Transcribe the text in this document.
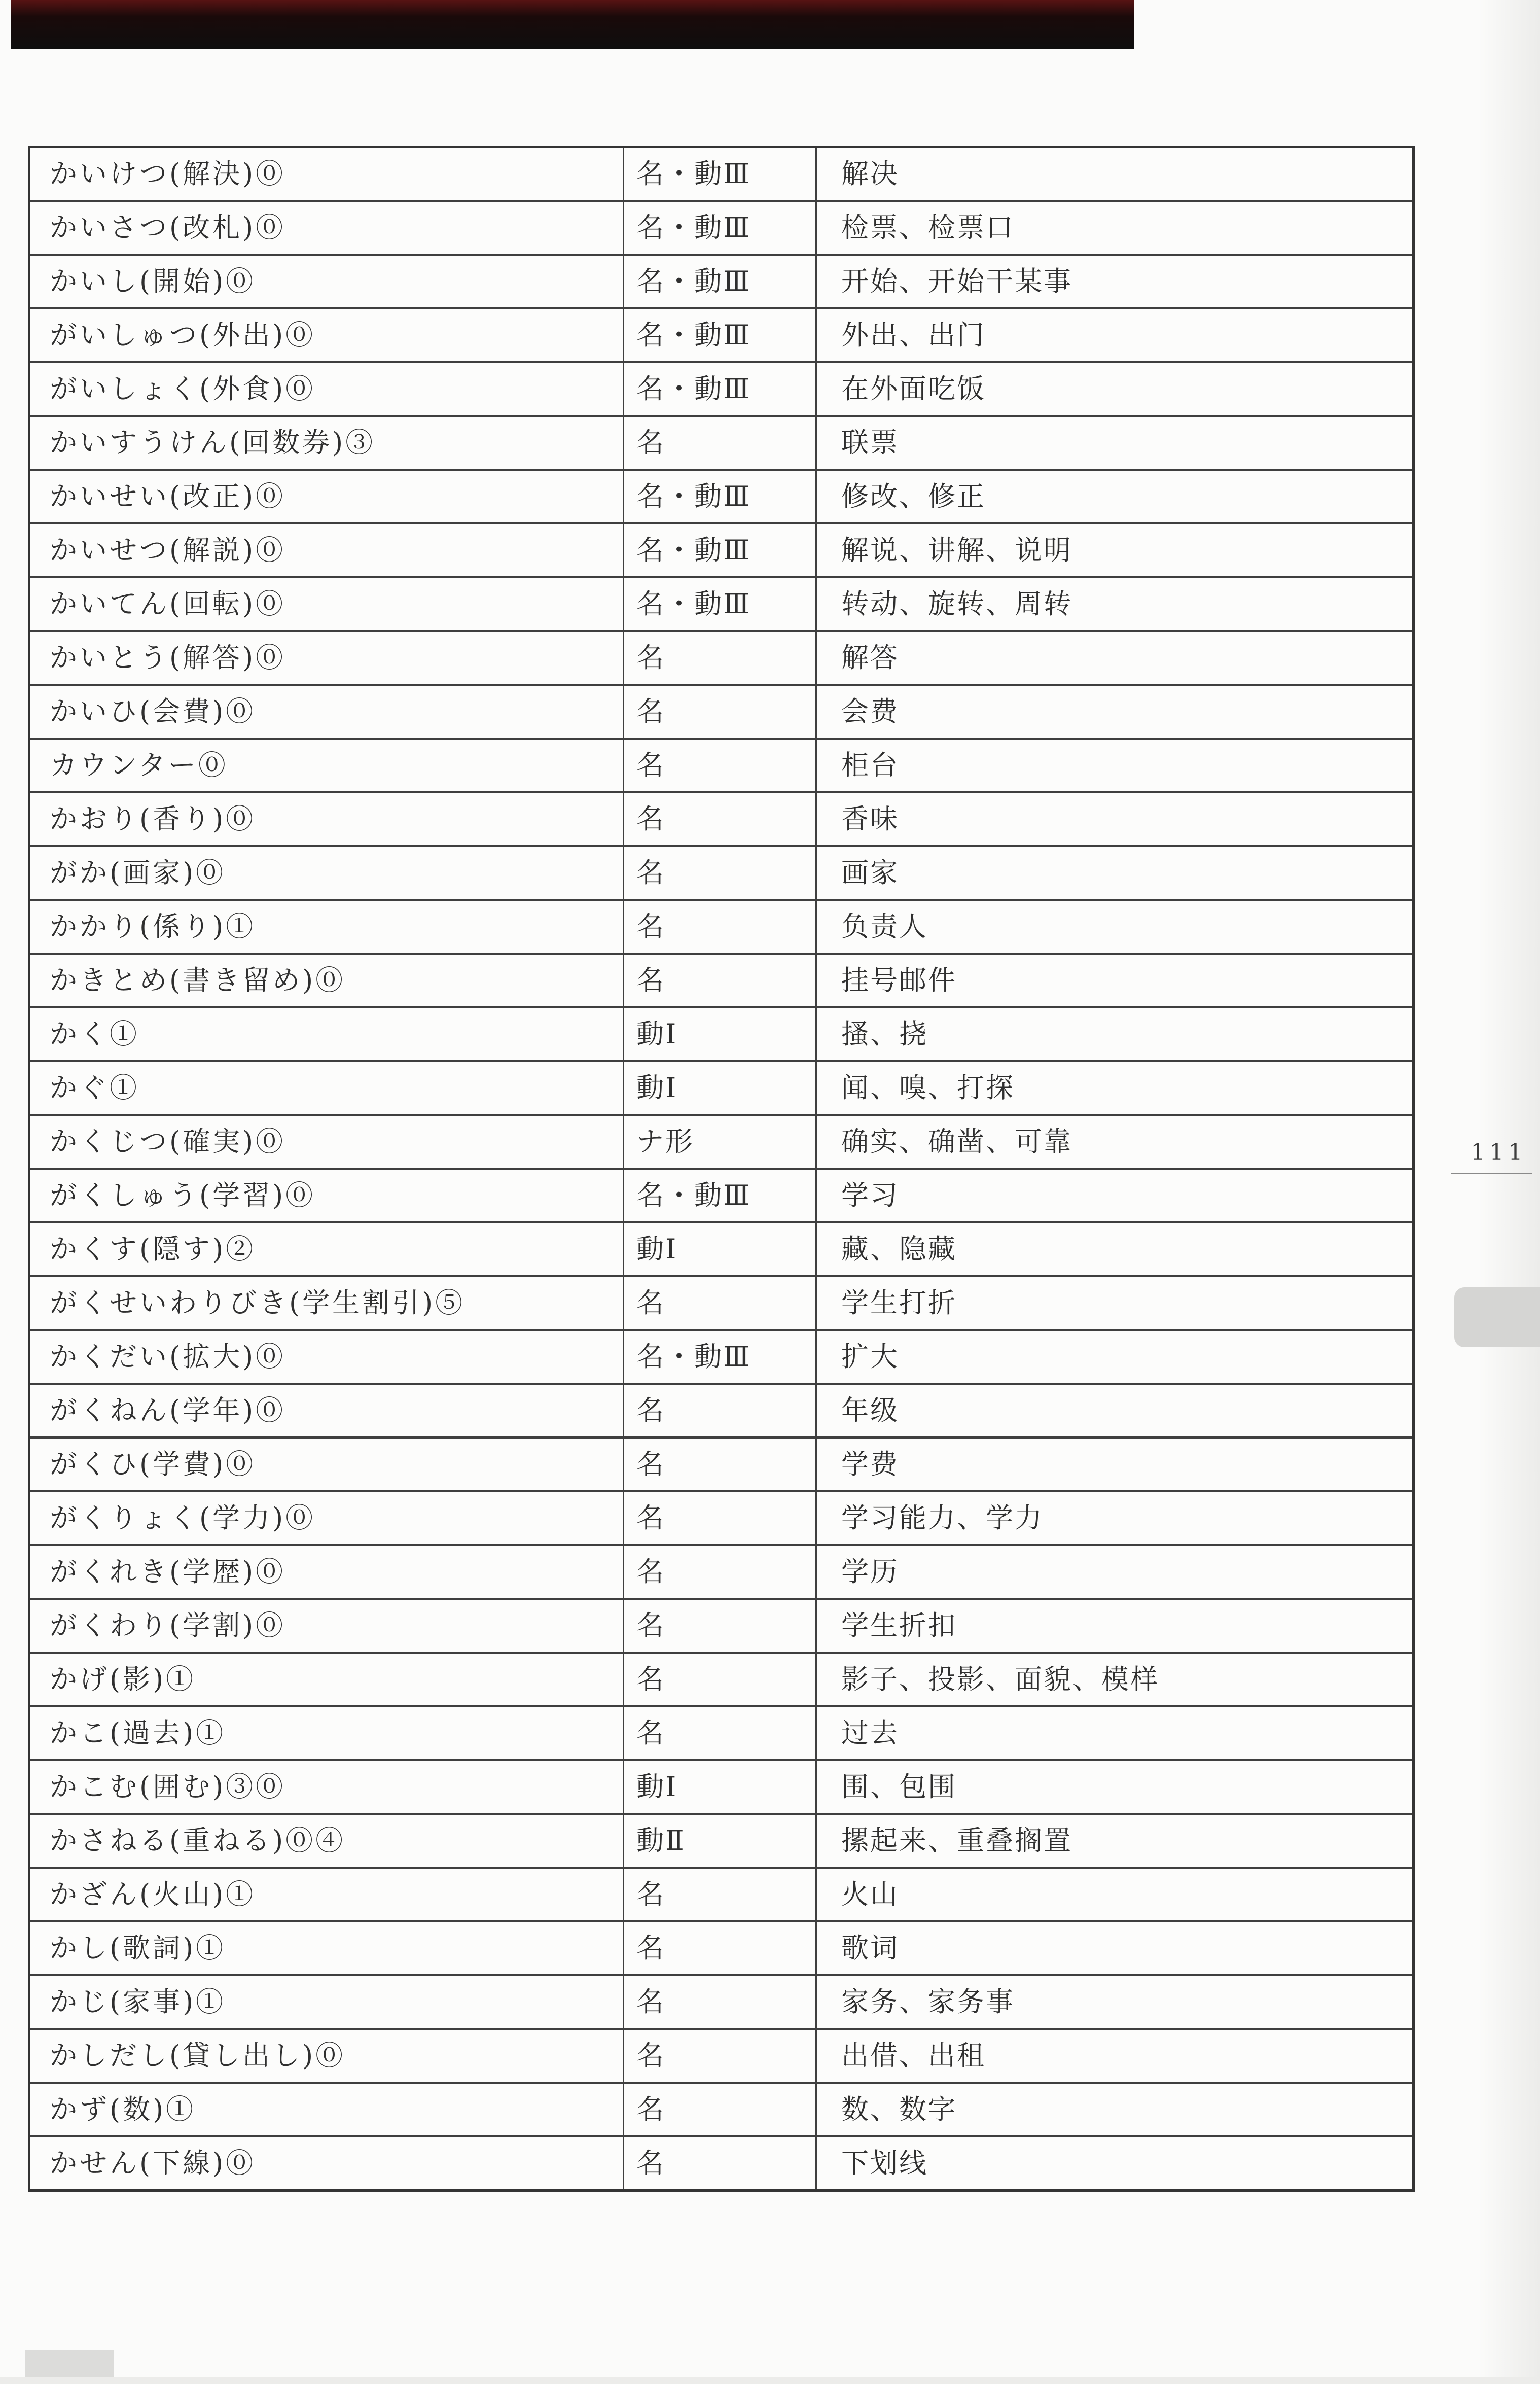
かいけつ(解決)⓪	名・動Ⅲ	解决
かいさつ(改札)⓪	名・動Ⅲ	检票、检票口
かいし(開始)⓪	名・動Ⅲ	开始、开始干某事
がいしゅつ(外出)⓪	名・動Ⅲ	外出、出门
がいしょく(外食)⓪	名・動Ⅲ	在外面吃饭
かいすうけん(回数券)③	名	联票
かいせい(改正)⓪	名・動Ⅲ	修改、修正
かいせつ(解説)⓪	名・動Ⅲ	解说、讲解、说明
かいてん(回転)⓪	名・動Ⅲ	转动、旋转、周转
かいとう(解答)⓪	名	解答
かいひ(会費)⓪	名	会费
カウンター⓪	名	柜台
かおり(香り)⓪	名	香味
がか(画家)⓪	名	画家
かかり(係り)①	名	负责人
かきとめ(書き留め)⓪	名	挂号邮件
かく①	動Ⅰ	搔、挠
かぐ①	動Ⅰ	闻、嗅、打探
かくじつ(確実)⓪	ナ形	确实、确凿、可靠
がくしゅう(学習)⓪	名・動Ⅲ	学习
かくす(隠す)②	動Ⅰ	藏、隐藏
がくせいわりびき(学生割引)⑤	名	学生打折
かくだい(拡大)⓪	名・動Ⅲ	扩大
がくねん(学年)⓪	名	年级
がくひ(学費)⓪	名	学费
がくりょく(学力)⓪	名	学习能力、学力
がくれき(学歴)⓪	名	学历
がくわり(学割)⓪	名	学生折扣
かげ(影)①	名	影子、投影、面貌、模样
かこ(過去)①	名	过去
かこむ(囲む)③⓪	動Ⅰ	围、包围
かさねる(重ねる)⓪④	動Ⅱ	摞起来、重叠搁置
かざん(火山)①	名	火山
かし(歌詞)①	名	歌词
かじ(家事)①	名	家务、家务事
かしだし(貸し出し)⓪	名	出借、出租
かず(数)①	名	数、数字
かせん(下線)⓪	名	下划线
111
